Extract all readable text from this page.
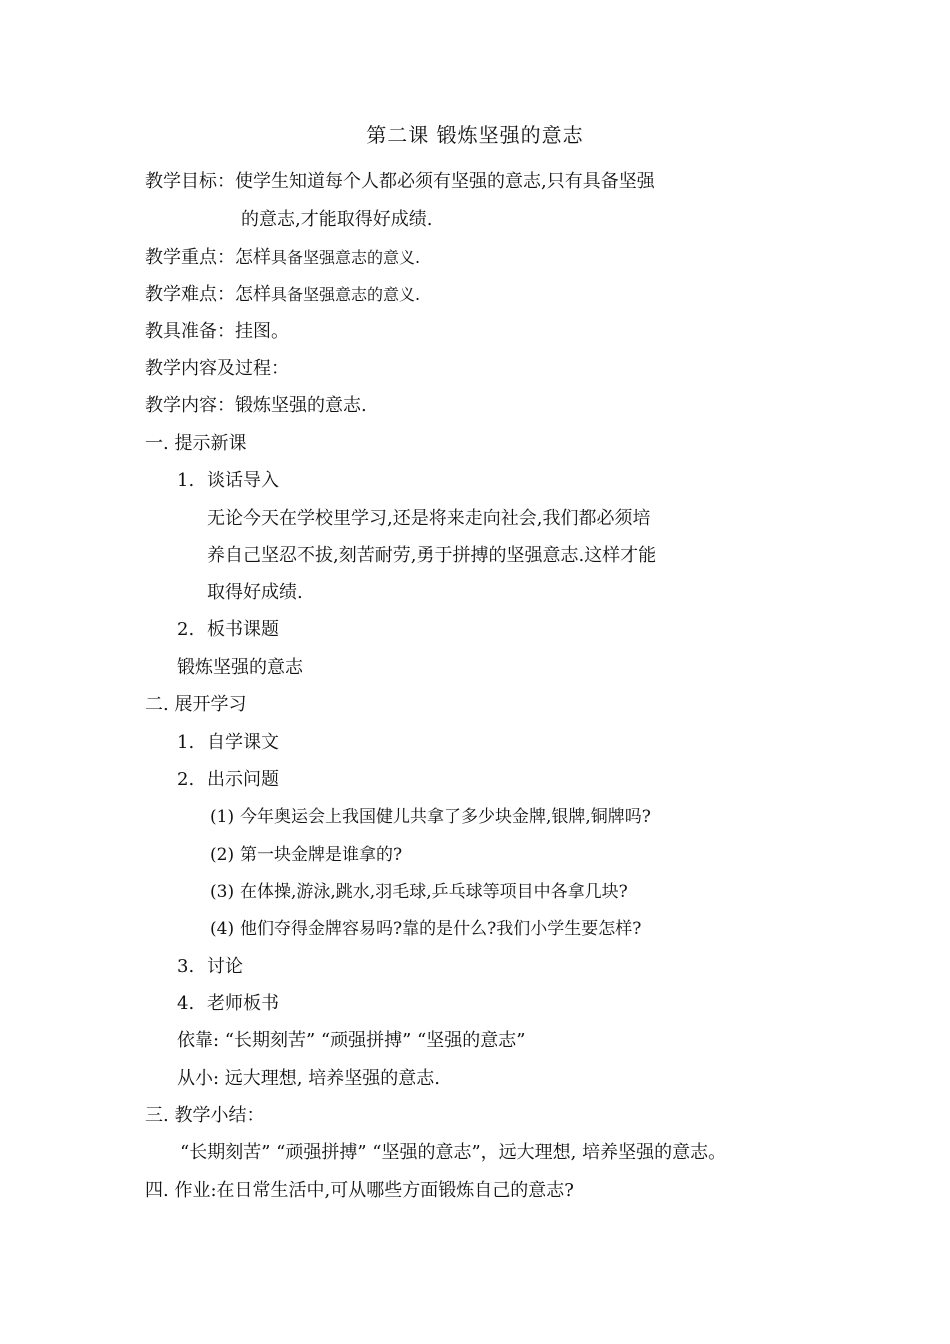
第二课 锻炼坚强的意志
教学目标：使学生知道每个人都必须有坚强的意志,只有具备坚强
的意志,才能取得好成绩.
教学重点：怎样具备坚强意志的意义.
教学难点：怎样具备坚强意志的意义.
教具准备：挂图。
教学内容及过程：
教学内容：锻炼坚强的意志.
一. 提示新课
1. 谈话导入
无论今天在学校里学习,还是将来走向社会,我们都必须培
养自己坚忍不拔,刻苦耐劳,勇于拼搏的坚强意志.这样才能
取得好成绩.
2. 板书课题
锻炼坚强的意志
二. 展开学习
1. 自学课文
2. 出示问题
(1) 今年奥运会上我国健儿共拿了多少块金牌,银牌,铜牌吗?
(2) 第一块金牌是谁拿的?
(3) 在体操,游泳,跳水,羽毛球,乒乓球等项目中各拿几块?
(4) 他们夺得金牌容易吗?靠的是什么?我们小学生要怎样?
3. 讨论
4. 老师板书
依靠: “长期刻苦” “顽强拼搏” “坚强的意志”
从小: 远大理想, 培养坚强的意志.
三. 教学小结：
“长期刻苦” “顽强拼搏” “坚强的意志”，远大理想, 培养坚强的意志。
四. 作业:在日常生活中,可从哪些方面锻炼自己的意志?
